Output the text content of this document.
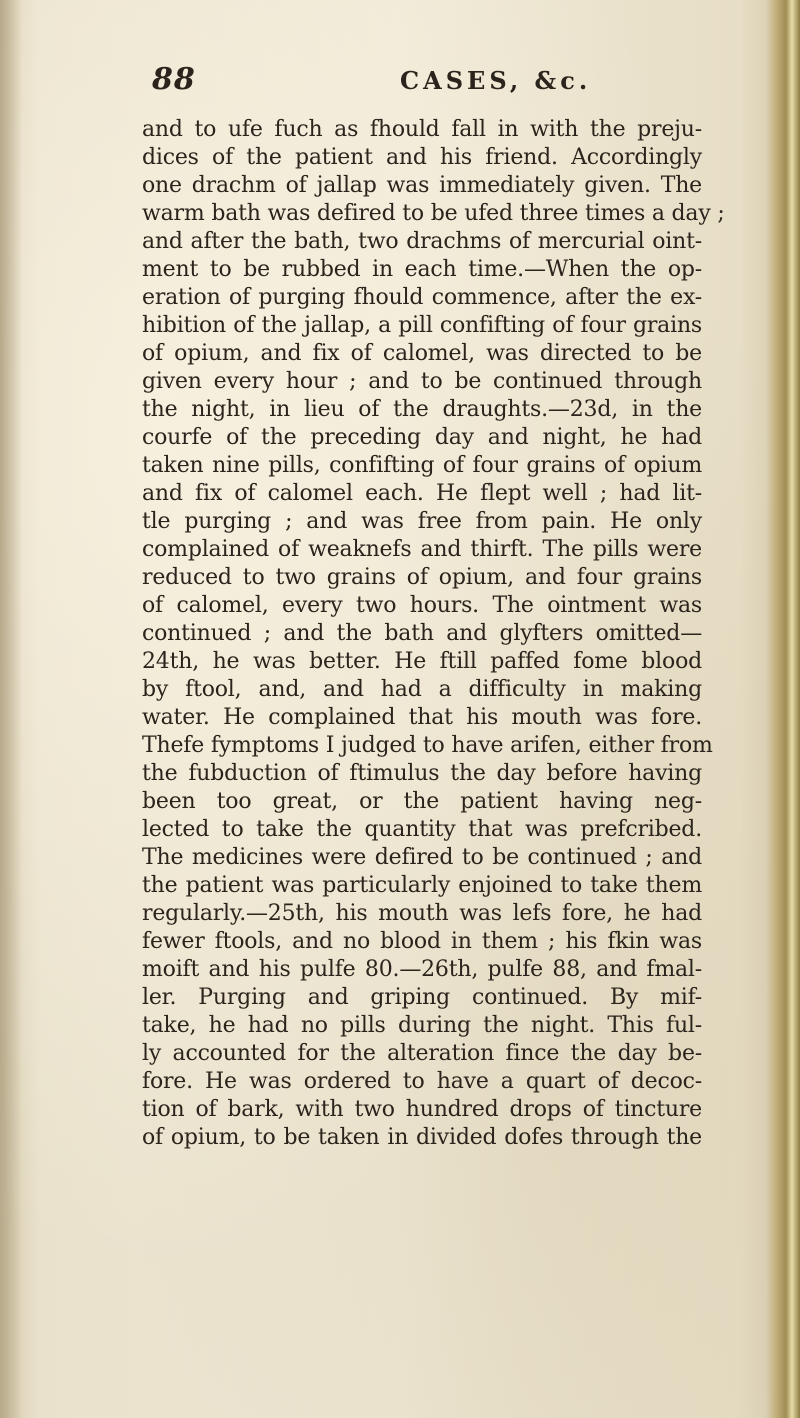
88	CASES, &c.
and to ufe fuch as fhould fall in with the preju-
dices of the patient and his friend. Accordingly
one drachm of jallap was immediately given. The
warm bath was defired to be ufed three times a day ;
and after the bath, two drachms of mercurial oint-
ment to be rubbed in each time.—When the op-
eration of purging fhould commence, after the ex-
hibition of the jallap, a pill confifting of four grains
of opium, and fix of calomel, was directed to be
given every hour ; and to be continued through
the night, in lieu of the draughts.—23d, in the
courfe of the preceding day and night, he had
taken nine pills, confifting of four grains of opium
and fix of calomel each. He flept well ; had lit-
tle purging ; and was free from pain. He only
complained of weaknefs and thirft. The pills were
reduced to two grains of opium, and four grains
of calomel, every two hours. The ointment was
continued ; and the bath and glyfters omitted—
24th, he was better. He ftill paffed fome blood
by ftool, and, and had a difficulty in making
water. He complained that his mouth was fore.
Thefe fymptoms I judged to have arifen, either from
the fubduction of ftimulus the day before having
been too great, or the patient having neg-
lected to take the quantity that was prefcribed.
The medicines were defired to be continued ; and
the patient was particularly enjoined to take them
regularly.—25th, his mouth was lefs fore, he had
fewer ftools, and no blood in them ; his fkin was
moift and his pulfe 80.—26th, pulfe 88, and fmal-
ler. Purging and griping continued. By mif-
take, he had no pills during the night. This ful-
ly accounted for the alteration fince the day be-
fore. He was ordered to have a quart of decoc-
tion of bark, with two hundred drops of tincture
of opium, to be taken in divided dofes through the
